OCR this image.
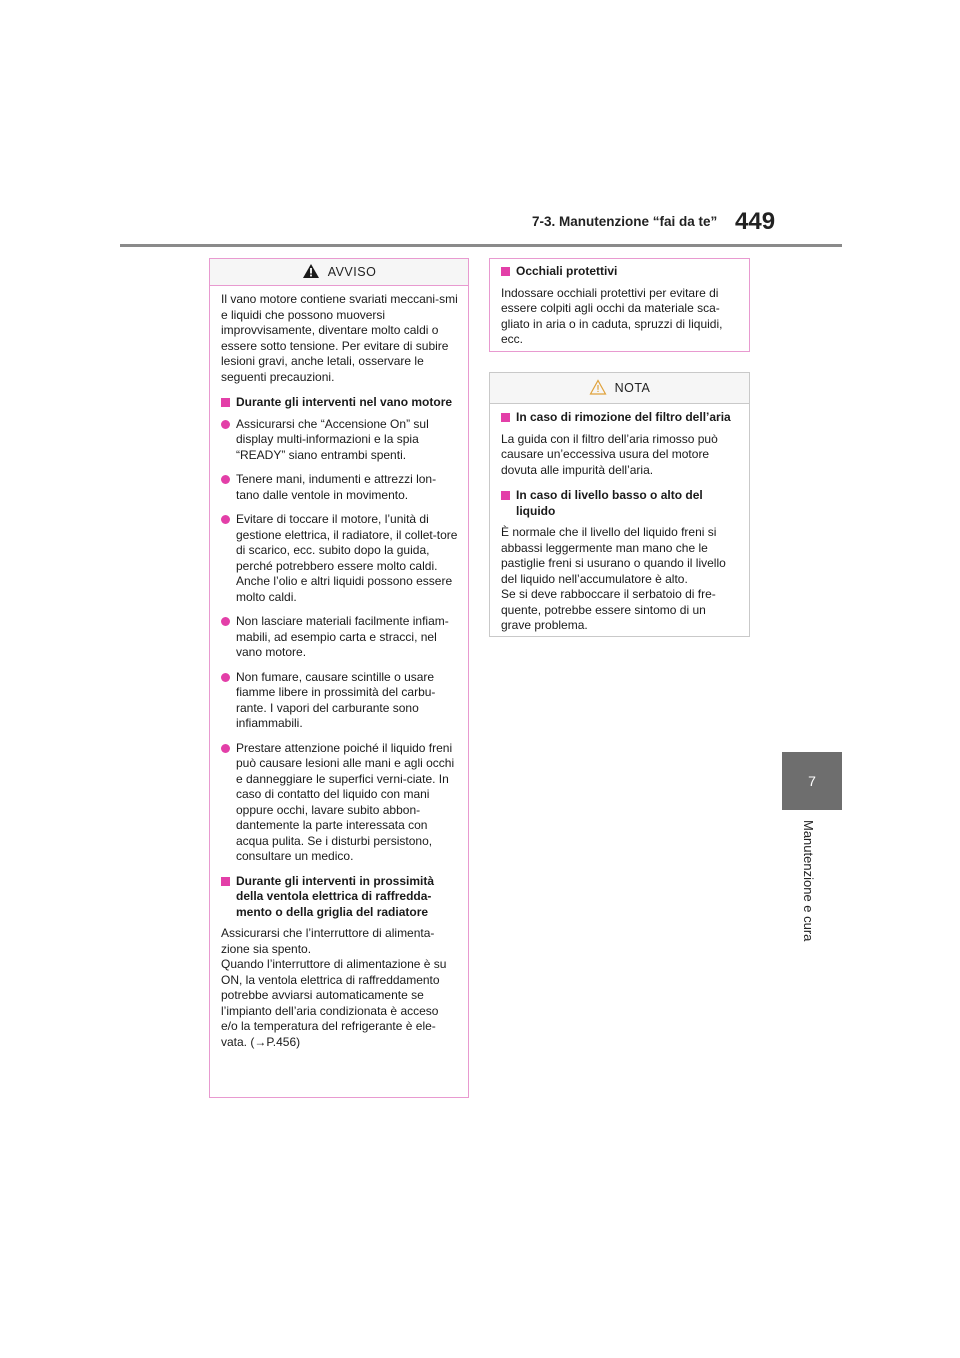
7-3. Manutenzione “fai da te” 449
7
Manutenzione e cura
AVVISO

Il vano motore contiene svariati meccani-smi e liquidi che possono muoversi improvvisamente, diventare molto caldi o essere sotto tensione. Per evitare di subire lesioni gravi, anche letali, osservare le seguenti precauzioni.

Durante gli interventi nel vano motore
Assicurarsi che “Accensione On” sul display multi-informazioni e la spia “READY” siano entrambi spenti.
Tenere mani, indumenti e attrezzi lon-tano dalle ventole in movimento.
Evitare di toccare il motore, l’unità di gestione elettrica, il radiatore, il collet-tore di scarico, ecc. subito dopo la guida, perché potrebbero essere molto caldi. Anche l’olio e altri liquidi possono essere molto caldi.
Non lasciare materiali facilmente infiam-mabili, ad esempio carta e stracci, nel vano motore.
Non fumare, causare scintille o usare fiamme libere in prossimità del carbu-rante. I vapori del carburante sono infiammabili.
Prestare attenzione poiché il liquido freni può causare lesioni alle mani e agli occhi e danneggiare le superfici verni-ciate. In caso di contatto del liquido con mani oppure occhi, lavare subito abbon-dantemente la parte interessata con acqua pulita. Se i disturbi persistono, consultare un medico.
Durante gli interventi in prossimità della ventola elettrica di raffredda-mento o della griglia del radiatore
Assicurarsi che l’interruttore di alimenta-zione sia spento.
Quando l’interruttore di alimentazione è su ON, la ventola elettrica di raffreddamento potrebbe avviarsi automaticamente se l’impianto dell’aria condizionata è acceso e/o la temperatura del refrigerante è ele-vata. (→P.456)
Occhiali protettivi
Indossare occhiali protettivi per evitare di essere colpiti agli occhi da materiale sca-gliato in aria o in caduta, spruzzi di liquidi, ecc.
NOTA
In caso di rimozione del filtro dell’aria
La guida con il filtro dell’aria rimosso può causare un’eccessiva usura del motore dovuta alle impurità dell’aria.
In caso di livello basso o alto del liquido
È normale che il livello del liquido freni si abbassi leggermente man mano che le pastiglie freni si usurano o quando il livello del liquido nell’accumulatore è alto.
Se si deve rabboccare il serbatoio di fre-quente, potrebbe essere sintomo di un grave problema.
